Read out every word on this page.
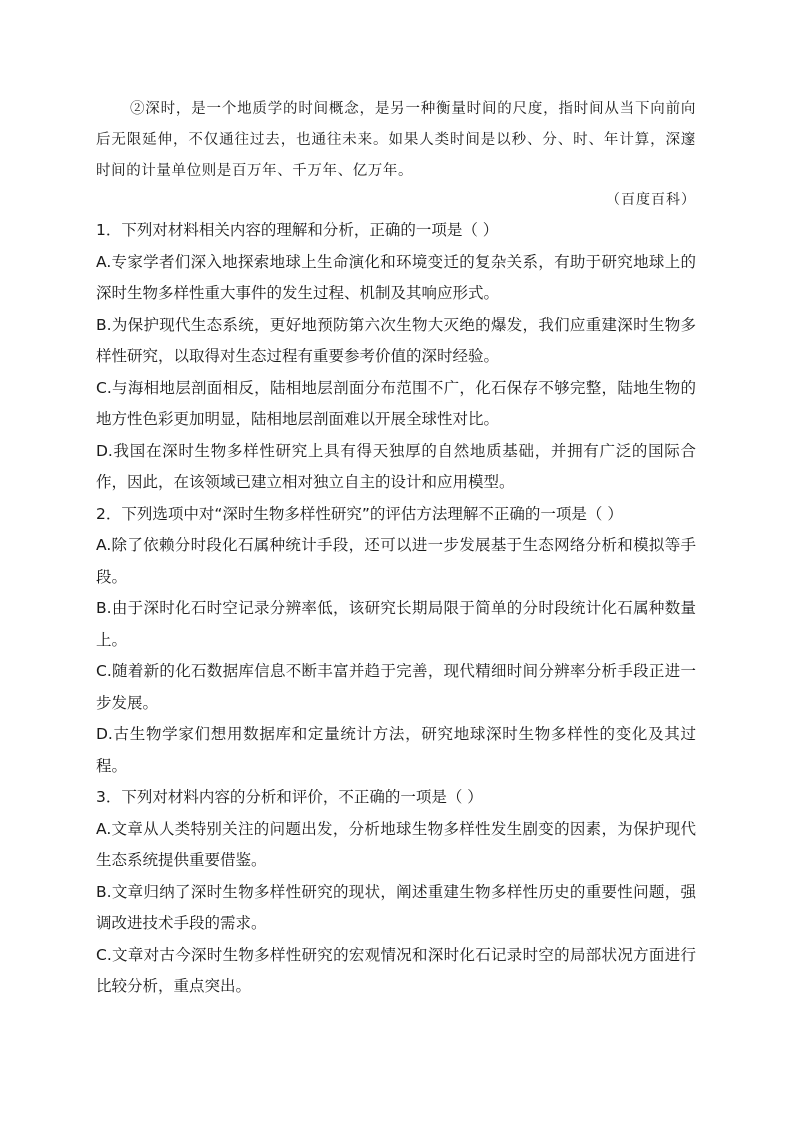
②深时，是一个地质学的时间概念，是另一种衡量时间的尺度，指时间从当下向前向后无限延伸，不仅通往过去，也通往未来。如果人类时间是以秒、分、时、年计算，深邃时间的计量单位则是百万年、千万年、亿万年。

（百度百科）

1．下列对材料相关内容的理解和分析，正确的一项是（ ）

A.专家学者们深入地探索地球上生命演化和环境变迁的复杂关系，有助于研究地球上的深时生物多样性重大事件的发生过程、机制及其响应形式。

B.为保护现代生态系统，更好地预防第六次生物大灭绝的爆发，我们应重建深时生物多样性研究，以取得对生态过程有重要参考价值的深时经验。

C.与海相地层剖面相反，陆相地层剖面分布范围不广，化石保存不够完整，陆地生物的地方性色彩更加明显，陆相地层剖面难以开展全球性对比。

D.我国在深时生物多样性研究上具有得天独厚的自然地质基础，并拥有广泛的国际合作，因此，在该领域已建立相对独立自主的设计和应用模型。

2．下列选项中对“深时生物多样性研究”的评估方法理解不正确的一项是（ ）

A.除了依赖分时段化石属种统计手段，还可以进一步发展基于生态网络分析和模拟等手段。

B.由于深时化石时空记录分辨率低，该研究长期局限于简单的分时段统计化石属种数量上。

C.随着新的化石数据库信息不断丰富并趋于完善，现代精细时间分辨率分析手段正进一步发展。

D.古生物学家们想用数据库和定量统计方法，研究地球深时生物多样性的变化及其过程。

3．下列对材料内容的分析和评价，不正确的一项是（ ）

A.文章从人类特别关注的问题出发，分析地球生物多样性发生剧变的因素，为保护现代生态系统提供重要借鉴。

B.文章归纳了深时生物多样性研究的现状，阐述重建生物多样性历史的重要性问题，强调改进技术手段的需求。

C.文章对古今深时生物多样性研究的宏观情况和深时化石记录时空的局部状况方面进行比较分析，重点突出。
